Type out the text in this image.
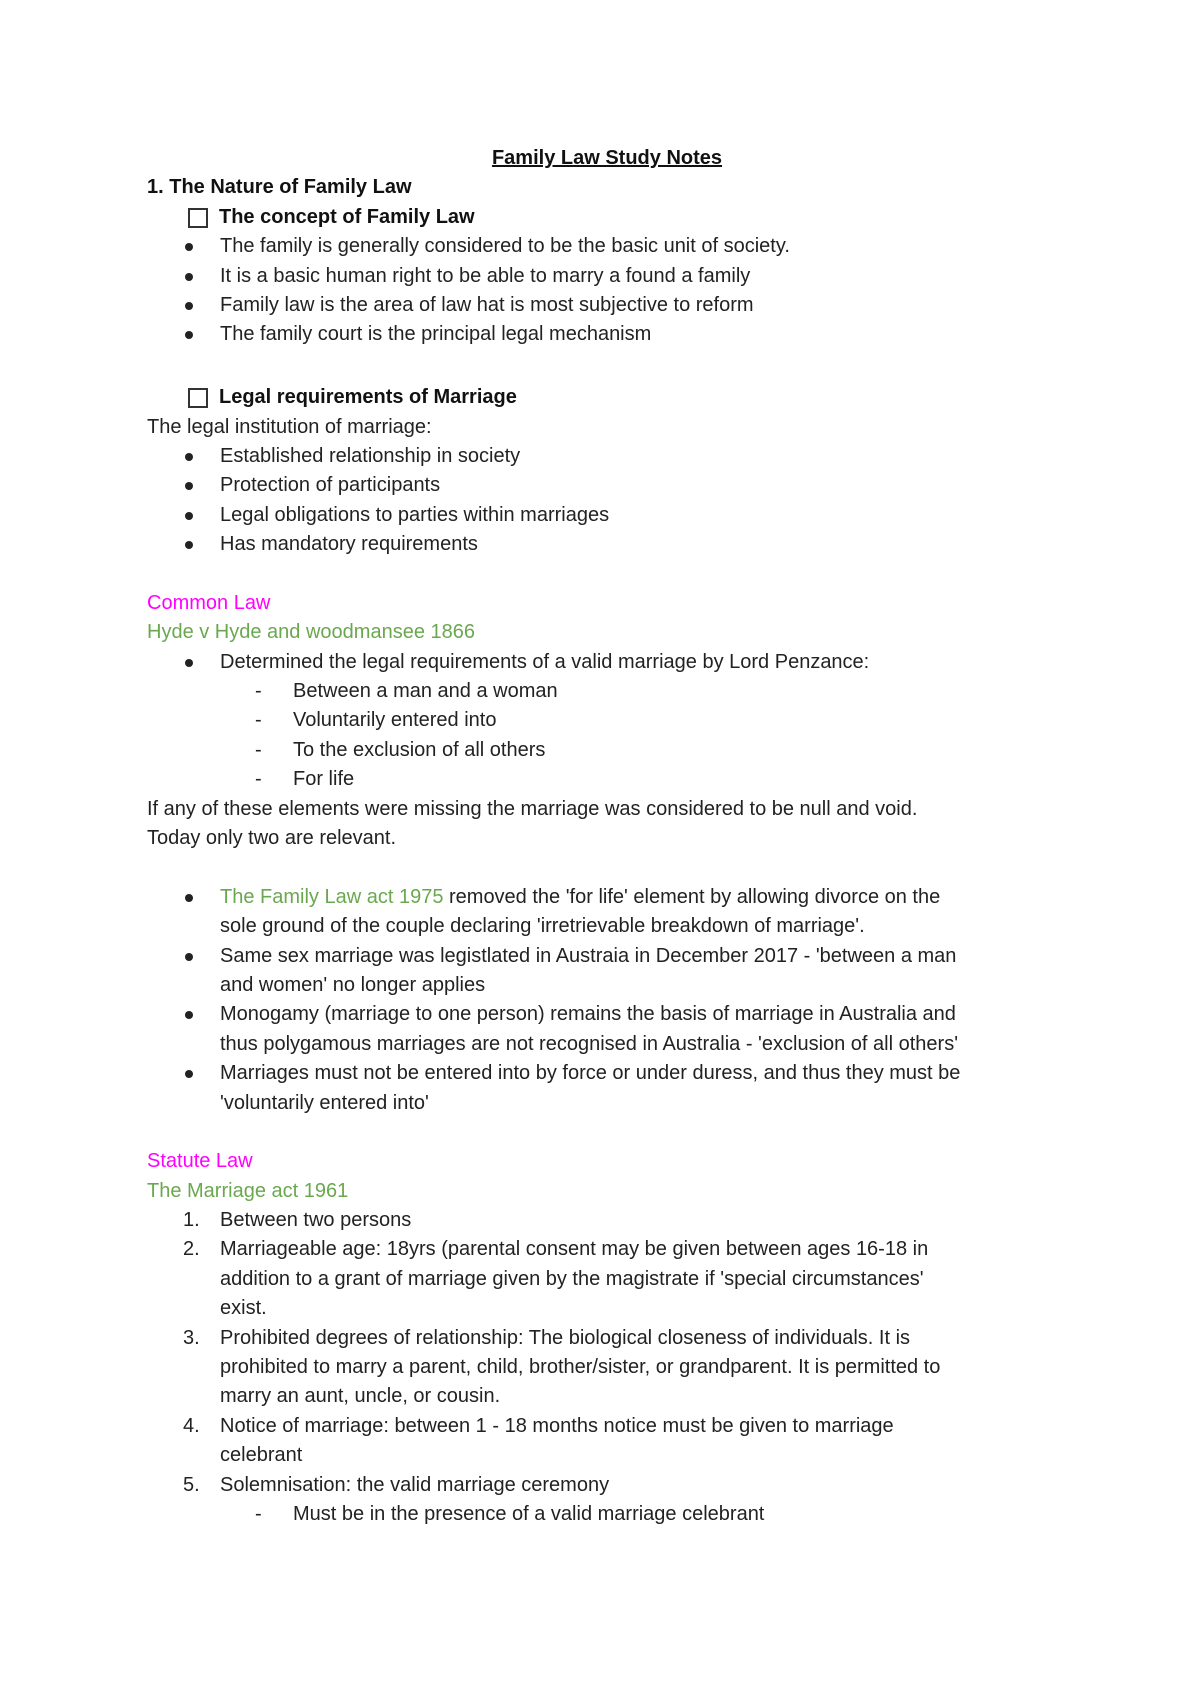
Family Law Study Notes
1. The Nature of Family Law
The concept of Family Law
The family is generally considered to be the basic unit of society.
It is a basic human right to be able to marry a found a family
Family law is the area of law hat is most subjective to reform
The family court is the principal legal mechanism
Legal requirements of Marriage
The legal institution of marriage:
Established relationship in society
Protection of participants
Legal obligations to parties within marriages
Has mandatory requirements
Common Law
Hyde v Hyde and woodmansee 1866
Determined the legal requirements of a valid marriage by Lord Penzance:
- Between a man and a woman
- Voluntarily entered into
- To the exclusion of all others
- For life
If any of these elements were missing the marriage was considered to be null and void.
Today only two are relevant.
The Family Law act 1975 removed the 'for life' element by allowing divorce on the
sole ground of the couple declaring 'irretrievable breakdown of marriage'.
Same sex marriage was legistlated in Austraia in December 2017 - 'between a man
and women' no longer applies
Monogamy (marriage to one person) remains the basis of marriage in Australia and
thus polygamous marriages are not recognised in Australia - 'exclusion of all others'
Marriages must not be entered into by force or under duress, and thus they must be
'voluntarily entered into'
Statute Law
The Marriage act 1961
1. Between two persons
2. Marriageable age: 18yrs (parental consent may be given between ages 16-18 in
addition to a grant of marriage given by the magistrate if 'special circumstances'
exist.
3. Prohibited degrees of relationship: The biological closeness of individuals. It is
prohibited to marry a parent, child, brother/sister, or grandparent. It is permitted to
marry an aunt, uncle, or cousin.
4. Notice of marriage: between 1 - 18 months notice must be given to marriage
celebrant
5. Solemnisation: the valid marriage ceremony
- Must be in the presence of a valid marriage celebrant
